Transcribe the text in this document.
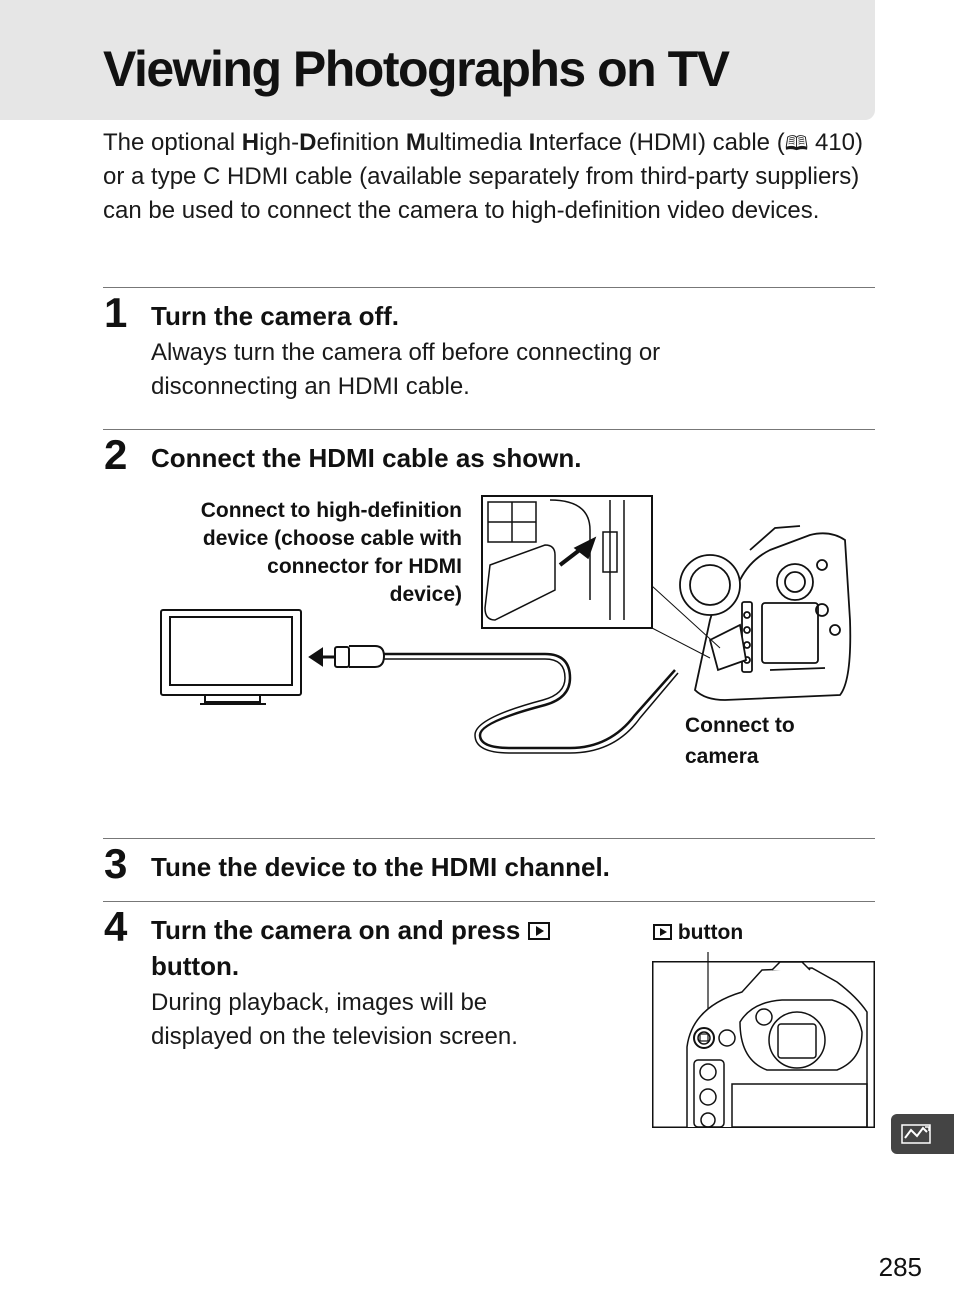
Viewing Photographs on TV

The optional High-Definition Multimedia Interface (HDMI) cable (🕮 410) or a type C HDMI cable (available separately from third-party suppliers) can be used to connect the camera to high-definition video devices.

1 Turn the camera off.

Always turn the camera off before connecting or disconnecting an HDMI cable.

2 Connect the HDMI cable as shown.
Connect to high-definition
device (choose cable with
connector for HDMI
device)
Connect to
camera
3 Tune the device to the HDMI channel.
4 Turn the camera on and press
button.

During playback, images will be displayed on the television screen.

button
285
